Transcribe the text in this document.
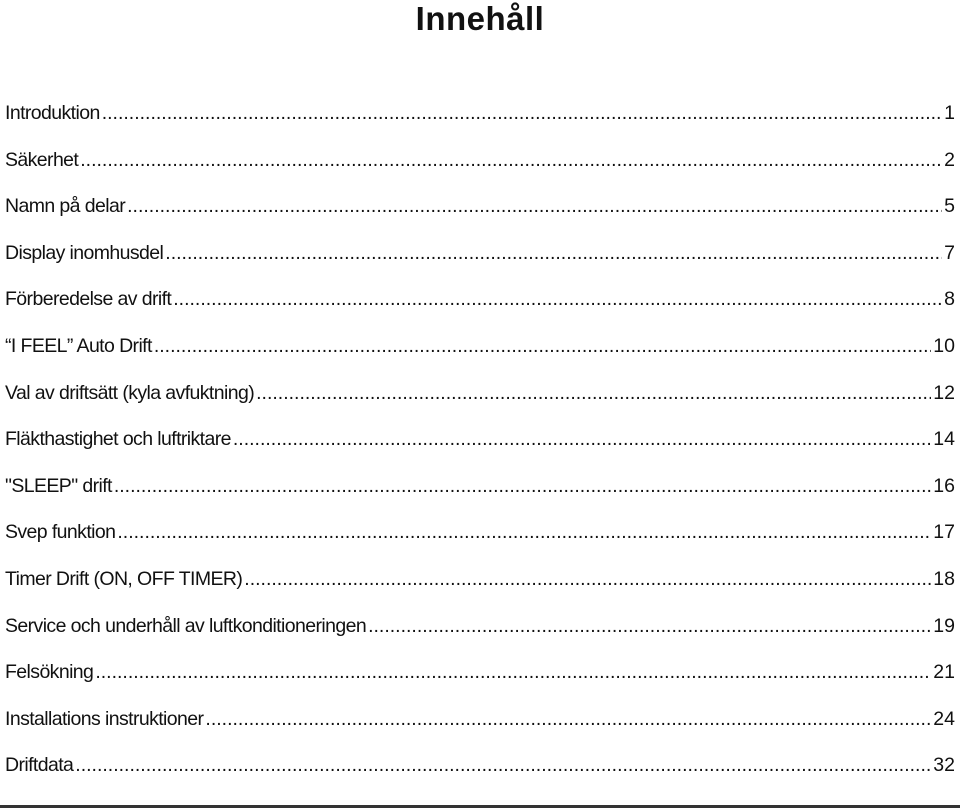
Innehåll
Introduktion .....	1
Säkerhet .....	2
Namn på delar .....	5
Display inomhusdel .....	7
Förberedelse av drift .....	8
“I FEEL” Auto Drift .....	10
Val av driftsätt (kyla avfuktning) .....	12
Fläkthastighet och luftriktare .....	14
"SLEEP" drift .....	16
Svep funktion .....	17
Timer Drift (ON, OFF TIMER) .....	18
Service och underhåll av luftkonditioneringen .....	19
Felsökning .....	21
Installations instruktioner .....	24
Driftdata .....	32
